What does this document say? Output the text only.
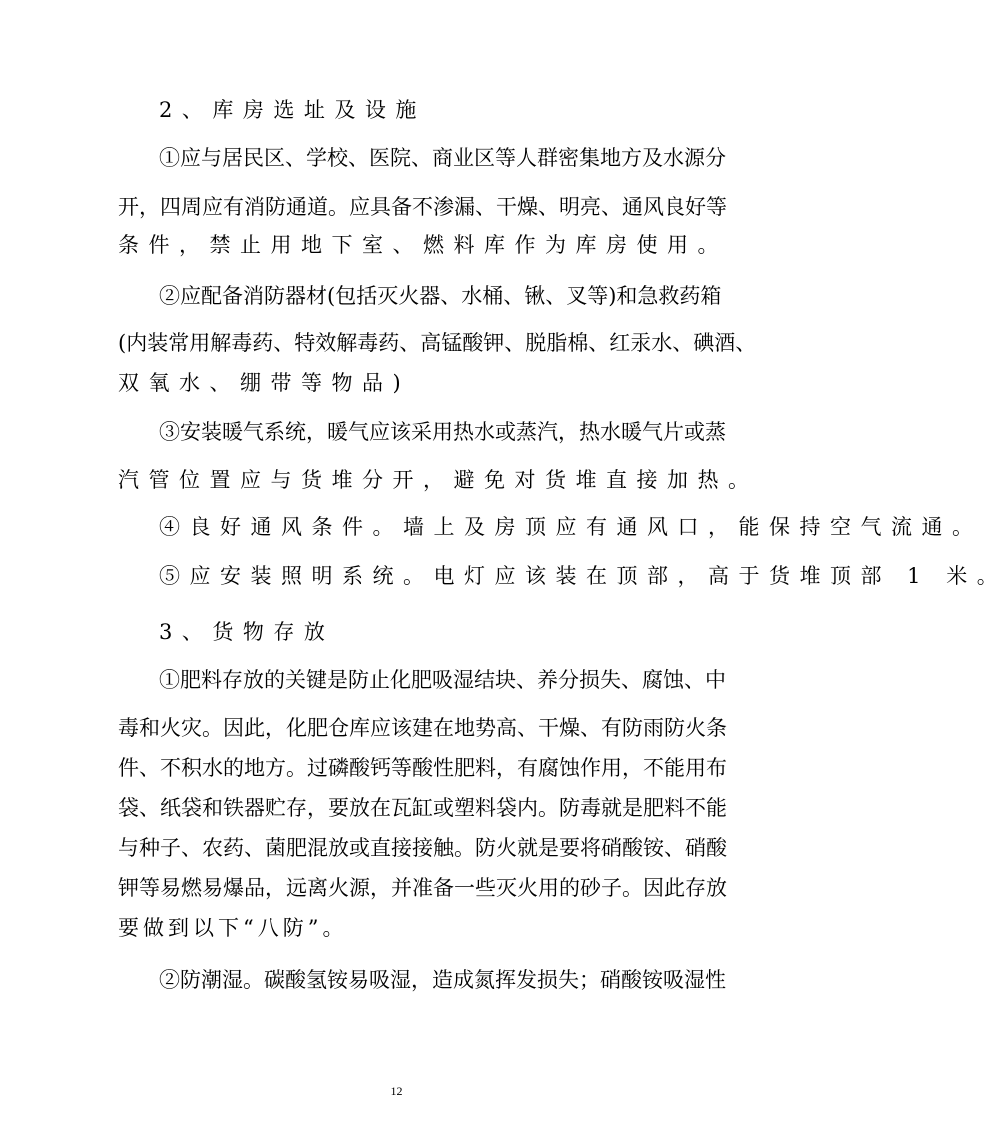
2、库房选址及设施
①应与居民区、学校、医院、商业区等人群密集地方及水源分
开，四周应有消防通道。应具备不渗漏、干燥、明亮、通风良好等
条件，禁止用地下室、燃料库作为库房使用。
②应配备消防器材(包括灭火器、水桶、锹、叉等)和急救药箱
(内装常用解毒药、特效解毒药、高锰酸钾、脱脂棉、红汞水、碘酒、
双氧水、绷带等物品)
③安装暖气系统，暖气应该采用热水或蒸汽，热水暖气片或蒸
汽管位置应与货堆分开，避免对货堆直接加热。
④良好通风条件。墙上及房顶应有通风口，能保持空气流通。
⑤应安装照明系统。电灯应该装在顶部，高于货堆顶部 1 米。
3、货物存放
①肥料存放的关键是防止化肥吸湿结块、养分损失、腐蚀、中
毒和火灾。因此，化肥仓库应该建在地势高、干燥、有防雨防火条
件、不积水的地方。过磷酸钙等酸性肥料，有腐蚀作用，不能用布
袋、纸袋和铁器贮存，要放在瓦缸或塑料袋内。防毒就是肥料不能
与种子、农药、菌肥混放或直接接触。防火就是要将硝酸铵、硝酸
钾等易燃易爆品，远离火源，并准备一些灭火用的砂子。因此存放
要做到以下“八防”。
②防潮湿。碳酸氢铵易吸湿，造成氮挥发损失；硝酸铵吸湿性
12
